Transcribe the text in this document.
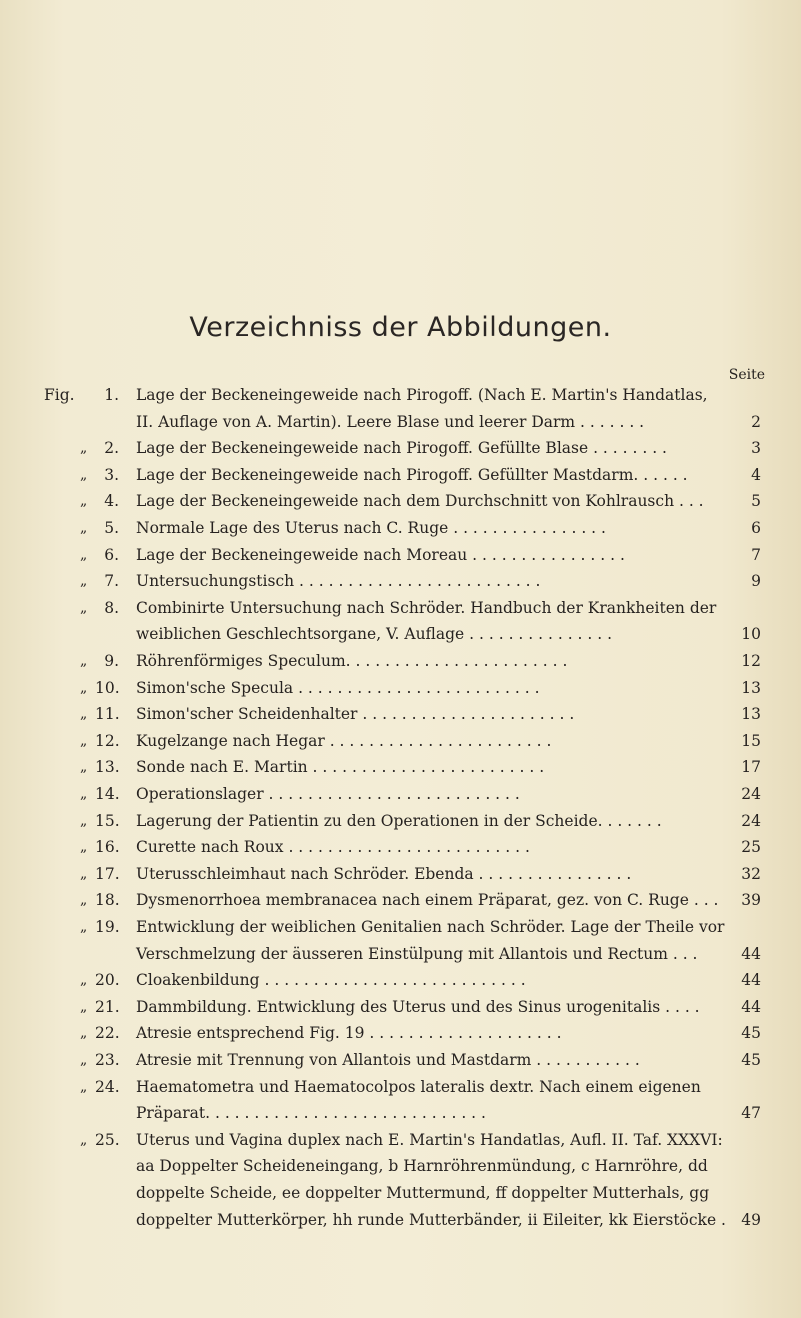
Verzeichniss der Abbildungen.
Seite
Fig.	1. Lage der Beckeneingeweide nach Pirogoff. (Nach E. Martin's Handatlas,
II. Auflage von A. Martin). Leere Blase und leerer Darm . . . . . . .	2
„	2. Lage der Beckeneingeweide nach Pirogoff. Gefüllte Blase . . . . . . . .	3
„	3. Lage der Beckeneingeweide nach Pirogoff. Gefüllter Mastdarm. . . . . .	4
„	4. Lage der Beckeneingeweide nach dem Durchschnitt von Kohlrausch . . .	5
„	5. Normale Lage des Uterus nach C. Ruge . . . . . . . . . . . . . . . .	6
„	6. Lage der Beckeneingeweide nach Moreau . . . . . . . . . . . . . . . .	7
„	7. Untersuchungstisch . . . . . . . . . . . . . . . . . . . . . . . . .	9
„	8. Combinirte Untersuchung nach Schröder. Handbuch der Krankheiten der
weiblichen Geschlechtsorgane, V. Auflage . . . . . . . . . . . . . . .	10
„	9. Röhrenförmiges Speculum. . . . . . . . . . . . . . . . . . . . . . .	12
„ 10. Simon'sche Specula . . . . . . . . . . . . . . . . . . . . . . . . .	13
„ 11. Simon'scher Scheidenhalter . . . . . . . . . . . . . . . . . . . . . .	13
„ 12. Kugelzange nach Hegar . . . . . . . . . . . . . . . . . . . . . . .	15
„ 13. Sonde nach E. Martin . . . . . . . . . . . . . . . . . . . . . . . .	17
„ 14. Operationslager . . . . . . . . . . . . . . . . . . . . . . . . . .	24
„ 15. Lagerung der Patientin zu den Operationen in der Scheide. . . . . . .	24
„ 16. Curette nach Roux . . . . . . . . . . . . . . . . . . . . . . . . .	25
„ 17. Uterusschleimhaut nach Schröder. Ebenda . . . . . . . . . . . . . . . .	32
„ 18. Dysmenorrhoea membranacea nach einem Präparat, gez. von C. Ruge . . .	39
„ 19. Entwicklung der weiblichen Genitalien nach Schröder. Lage der Theile vor
Verschmelzung der äusseren Einstülpung mit Allantois und Rectum . . .	44
„ 20. Cloakenbildung . . . . . . . . . . . . . . . . . . . . . . . . . . .	44
„ 21. Dammbildung. Entwicklung des Uterus und des Sinus urogenitalis . . . .	44
„ 22. Atresie entsprechend Fig. 19 . . . . . . . . . . . . . . . . . . . .	45
„ 23. Atresie mit Trennung von Allantois und Mastdarm . . . . . . . . . . .	45
„ 24. Haematometra und Haematocolpos lateralis dextr. Nach einem eigenen
Präparat. . . . . . . . . . . . . . . . . . . . . . . . . . . . .	47
„ 25. Uterus und Vagina duplex nach E. Martin's Handatlas, Aufl. II. Taf. XXXVI:
aa Doppelter Scheideneingang, b Harnröhrenmündung, c Harnröhre, dd
doppelte Scheide, ee doppelter Muttermund, ff doppelter Mutterhals, gg
doppelter Mutterkörper, hh runde Mutterbänder, ii Eileiter, kk Eierstöcke . 49
